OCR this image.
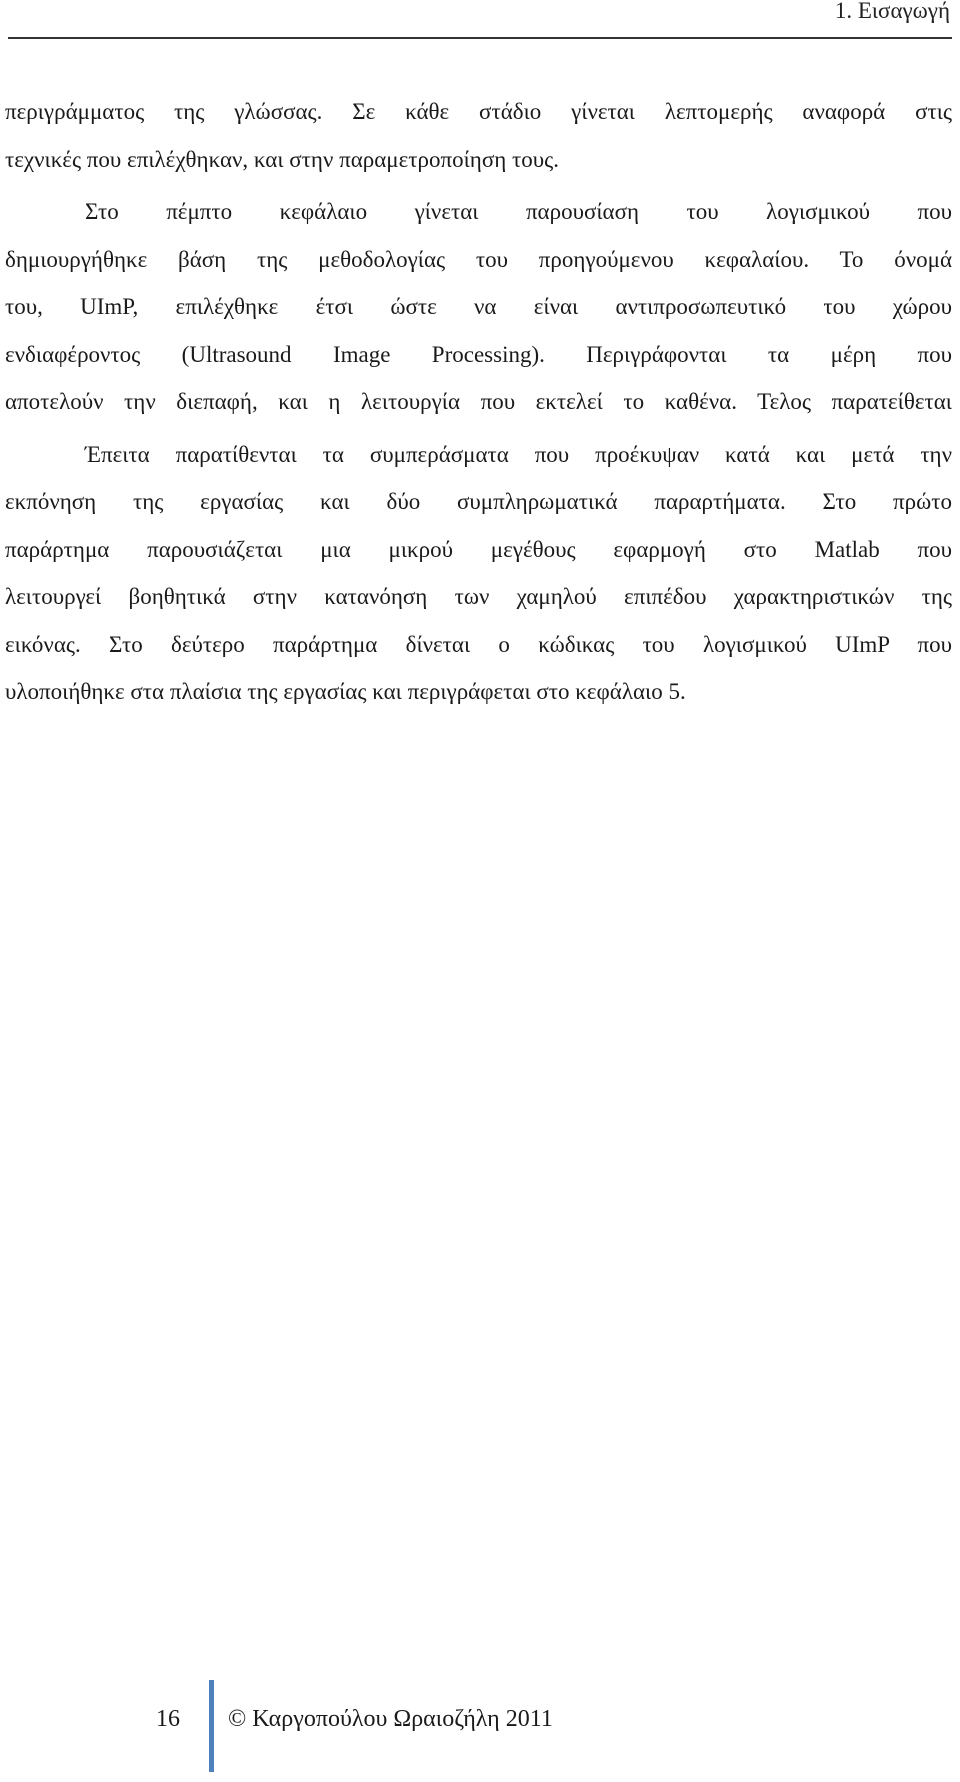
1. Εισαγωγή
περιγράμματος της γλώσσας. Σε κάθε στάδιο γίνεται λεπτομερής αναφορά στις
τεχνικές που επιλέχθηκαν, και στην παραμετροποίηση τους.
Στο πέμπτο κεφάλαιο γίνεται παρουσίαση του λογισμικού που
δημιουργήθηκε βάση της μεθοδολογίας του προηγούμενου κεφαλαίου. Το όνομά
του, UImP, επιλέχθηκε έτσι ώστε να είναι αντιπροσωπευτικό του χώρου
ενδιαφέροντος (Ultrasound Image Processing). Περιγράφονται τα μέρη που
αποτελούν την διεπαφή, και η λειτουργία που εκτελεί το καθένα. Τελος παρατείθεται
Έπειτα παρατίθενται τα συμπεράσματα που προέκυψαν κατά και μετά την
εκπόνηση της εργασίας και δύο συμπληρωματικά παραρτήματα. Στο πρώτο
παράρτημα παρουσιάζεται μια μικρού μεγέθους εφαρμογή στο Matlab που
λειτουργεί βοηθητικά στην κατανόηση των χαμηλού επιπέδου χαρακτηριστικών της
εικόνας. Στο δεύτερο παράρτημα δίνεται ο κώδικας του λογισμικού UImP που
υλοποιήθηκε στα πλαίσια της εργασίας και περιγράφεται στο κεφάλαιο 5.
16 © Καργοπούλου Ωραιοζήλη 2011
